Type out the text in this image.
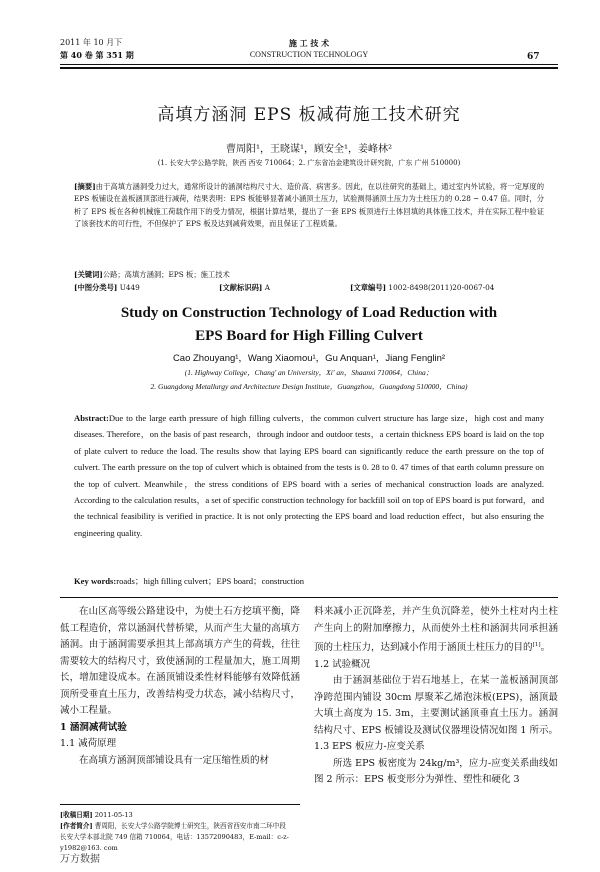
2011 年 10 月下
第 40 卷 第 351 期
施 工 技 术
CONSTRUCTION TECHNOLOGY	67
高填方涵洞 EPS 板减荷施工技术研究
曹周阳¹，王晓谋¹，顾安全¹，姜峰林²
(1. 长安大学公路学院，陕西 西安 710064；2. 广东省冶金建筑设计研究院，广东 广州 510000)
[摘要]由于高填方涵洞受力过大，通常所设计的涵洞结构尺寸大、造价高、病害多。因此，在以往研究的基础上，通过室内外试验，将一定厚度的 EPS 板铺设在盖板涵顶部进行减荷，结果表明：EPS 板能够显著减小涵顶土压力，试验测得涵顶土压力为土柱压力的 0.28 ~ 0.47 倍。同时，分析了 EPS 板在各种机械施工荷载作用下的受力情况，根据计算结果，提出了一套 EPS 板顶进行土体回填的具体施工技术，并在实际工程中验证了该套技术的可行性，不但保护了 EPS 板及达到减荷效果，而且保证了工程质量。
[关键词]公路；高填方涵洞；EPS 板；施工技术
[中图分类号] U449	[文献标识码] A	[文章编号] 1002-8498(2011)20-0067-04
Study on Construction Technology of Load Reduction with
EPS Board for High Filling Culvert
Cao Zhouyang¹，Wang Xiaomou¹，Gu Anquan¹，Jiang Fenglin²
(1. Highway College，Chang' an University，Xi' an，Shaanxi 710064，China；
2. Guangdong Metallurgy and Architecture Design Institute，Guangzhou，Guangdong 510000，China)
Abstract:Due to the large earth pressure of high filling culverts，the common culvert structure has large size，high cost and many diseases. Therefore，on the basis of past research，through indoor and outdoor tests，a certain thickness EPS board is laid on the top of plate culvert to reduce the load. The results show that laying EPS board can significantly reduce the earth pressure on the top of culvert. The earth pressure on the top of culvert which is obtained from the tests is 0. 28 to 0. 47 times of that earth column pressure on the top of culvert. Meanwhile，the stress conditions of EPS board with a series of mechanical construction loads are analyzed. According to the calculation results，a set of specific construction technology for backfill soil on top of EPS board is put forward，and the technical feasibility is verified in practice. It is not only protecting the EPS board and load reduction effect，but also ensuring the engineering quality.
Key words:roads；high filling culvert；EPS board；construction

在山区高等级公路建设中，为使土石方挖填平衡，降低工程造价，常以涵洞代替桥梁，从而产生大量的高填方涵洞。由于涵洞需要承担其上部高填方产生的荷载，往往需要较大的结构尺寸，致使涵洞的工程量加大，施工周期长，增加建设成本。在涵顶铺设柔性材料能够有效降低涵顶所受垂直土压力，改善结构受力状态，减小结构尺寸，减小工程量。

1 涵洞减荷试验

1.1 减荷原理

在高填方涵洞顶部铺设具有一定压缩性质的材

[收稿日期] 2011-05-13
[作者简介] 曹周阳，长安大学公路学院博士研究生，陕西省西安市南二环中段长安大学本部北院 749 信箱 710064，电话：13572090483，E-mail：c-z-y1982@163. com

料来减小正沉降差，并产生负沉降差，使外土柱对内土柱产生向上的附加摩擦力，从而使外土柱和涵洞共同承担涵顶的土柱压力，达到减小作用于涵顶土柱压力的目的[1]。

1.2 试验概况

由于涵洞基础位于岩石地基上，在某一盖板涵洞顶部净跨范围内铺设 30cm 厚聚苯乙烯泡沫板(EPS)，涵顶最大填土高度为 15. 3m，主要测试涵顶垂直土压力。涵洞结构尺寸、EPS 板铺设及测试仪器埋设情况如图 1 所示。

1.3 EPS 板应力-应变关系

所选 EPS 板密度为 24kg/m³，应力-应变关系曲线如图 2 所示：EPS 板变形分为弹性、塑性和硬化 3

万方数据
